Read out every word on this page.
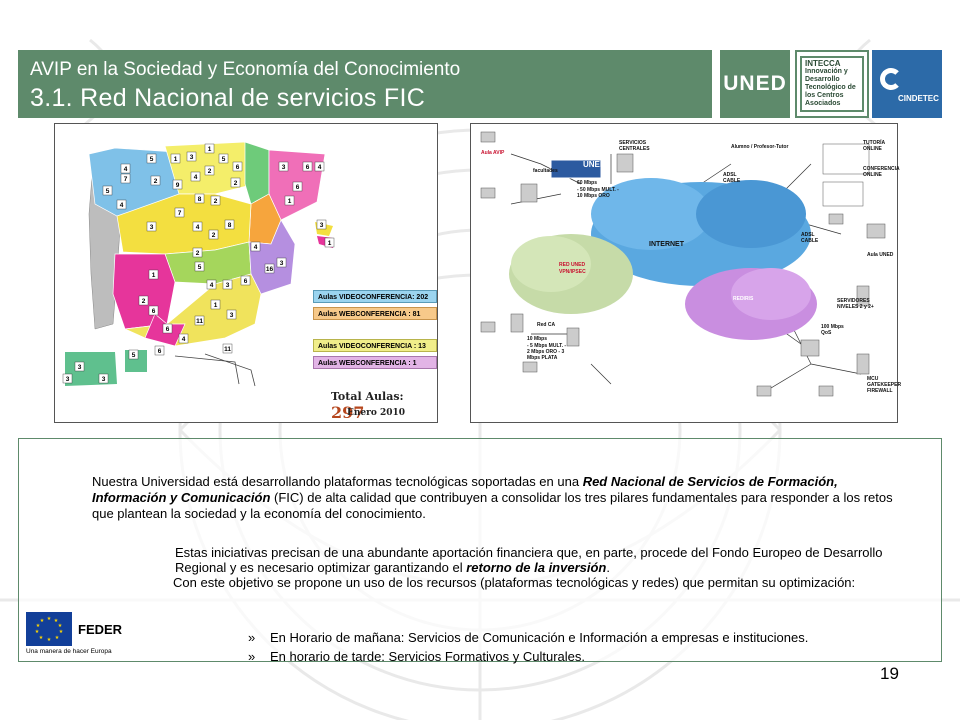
AVIP en la Sociedad y Economía del Conocimiento
3.1. Red Nacional de servicios FIC
UNED
INTECCA
Innovación y
Desarrollo
Tecnológico de
los Centros
Asociados
CINDETEC
4
7
5	1 3
1
5
6
5
4
2
9
4
2
2
3	6 4
6
1
7
8 2
3	4
2
8	3
1
2
4
1
5	16
3
2
6
4 3
6
1
3
11
6
4
6	11
3
3
3
5
Aulas VIDEOCONFERENCIA: 202
Aulas WEBCONFERENCIA : 81
Aulas VIDEOCONFERENCIA : 13
Aulas WEBCONFERENCIA : 1
Total Aulas: 297
Enero 2010
UNED
SERVICIOS CENTRALES	Alumno / Profesor-Tutor
TUTORÍA ONLINE
CONFERENCIA ONLINE
ADSL CABLE
ADSL CABLE
Aula UNED
INTERNET
RED UNED
VPN/IPSEC
REDIRIS	SERVIDORES NIVELES 2 y 2+
MCU GATEKEEPER FIREWALL
60 Mbps
- 50 Mbps MULT. - 10 Mbps ORO
Red CA
10 Mbps
- 5 Mbps MULT. - 2 Mbps ORO - 3 Mbps PLATA
100 Mbps QoS
facultades
Aula AVIP
Nuestra Universidad está desarrollando plataformas tecnológicas soportadas en una Red Nacional de Servicios de Formación, Información y Comunicación (FIC) de alta calidad que contribuyen a consolidar los tres pilares fundamentales para responder a los retos que plantean la sociedad y la economía del conocimiento.
Estas iniciativas precisan de una abundante aportación financiera que, en parte, procede del Fondo Europeo de Desarrollo Regional y es necesario optimizar garantizando el retorno de la inversión.
Con este objetivo se propone un uso de los recursos (plataformas tecnológicas y redes) que permitan su optimización:
★ ★
★
★
★
★
★
★
★
★
FEDER
Una manera de hacer Europa
»	En Horario de mañana: Servicios de Comunicación e Información a empresas e instituciones.
»	En horario de tarde: Servicios Formativos y Culturales.
19
